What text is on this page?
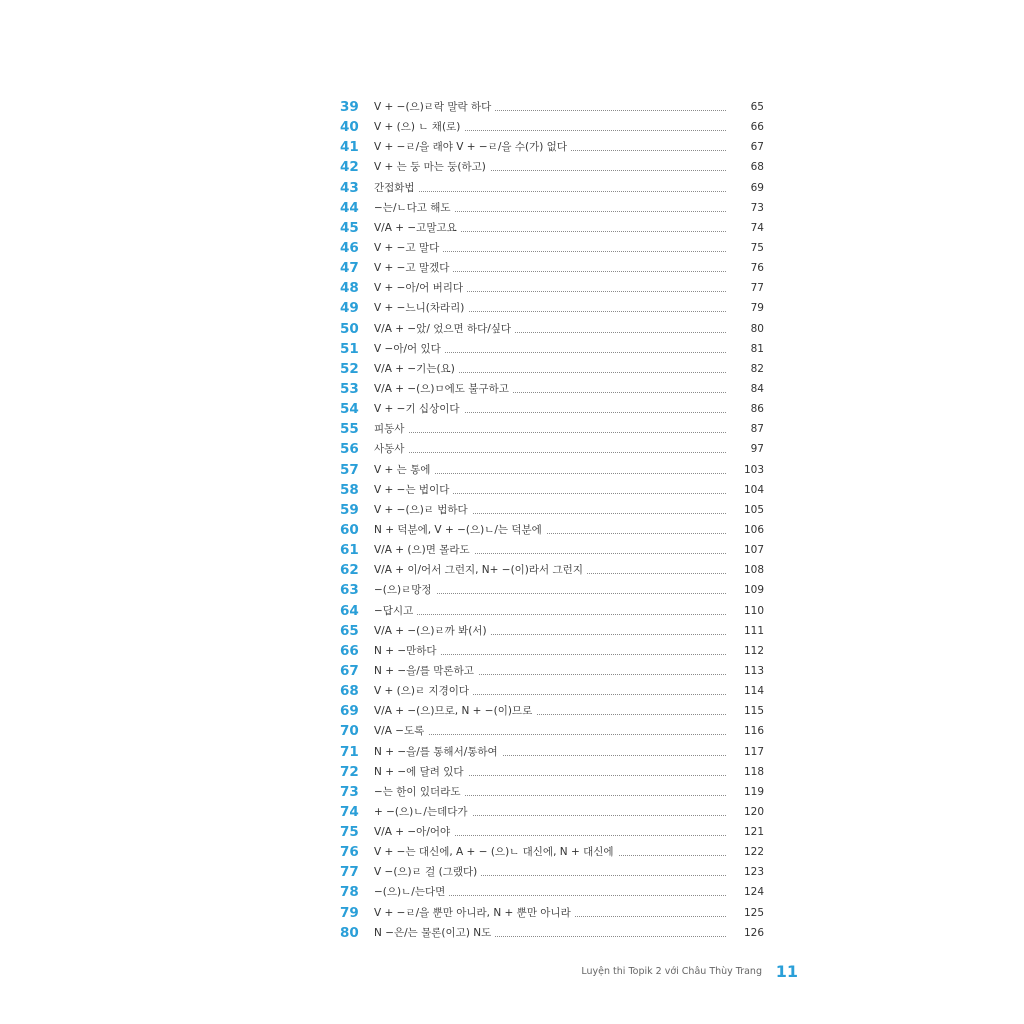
39	V + −(으)ㄹ락 말락 하다	65
40	V + (으) ㄴ 채(로)	66
41	V + −ㄹ/을 래야 V + −ㄹ/을 수(가) 없다	67
42	V + 는 둥 마는 둥(하고)	68
43	간접화법	69
44	−는/ㄴ다고 해도	73
45	V/A + −고말고요	74
46	V + −고 말다	75
47	V + −고 말겠다	76
48	V + −아/어 버리다	77
49	V + −느니(차라리)	79
50	V/A + −았/ 었으면 하다/싶다	80
51	V −아/어 있다	81
52	V/A + −기는(요)	82
53	V/A + −(으)ㅁ에도 불구하고	84
54	V + −기 십상이다	86
55	피동사	87
56	사동사	97
57	V + 는 통에	103
58	V + −는 법이다	104
59	V + −(으)ㄹ 법하다	105
60	N + 덕분에, V + −(으)ㄴ/는 덕분에	106
61	V/A + (으)면 몰라도	107
62	V/A + 이/어서 그런지, N+ −(이)라서 그런지	108
63	−(으)ㄹ망정	109
64	−답시고	110
65	V/A + −(으)ㄹ까 봐(서)	111
66	N + −만하다	112
67	N + −을/를 막론하고	113
68	V + (으)ㄹ 지경이다	114
69	V/A + −(으)므로, N + −(이)므로	115
70	V/A −도록	116
71	N + −을/를 통해서/통하여	117
72	N + −에 달려 있다	118
73	−는 한이 있더라도	119
74	+ −(으)ㄴ/는데다가	120
75	V/A + −아/어야	121
76	V + −는 대신에, A + − (으)ㄴ 대신에, N + 대신에	122
77	V −(으)ㄹ 걸 (그랬다)	123
78	−(으)ㄴ/는다면	124
79	V + −ㄹ/을 뿐만 아니라, N + 뿐만 아니라	125
80	N −은/는 물론(이고) N도	126
Luyện thi Topik 2 với Châu Thùy Trang 11
